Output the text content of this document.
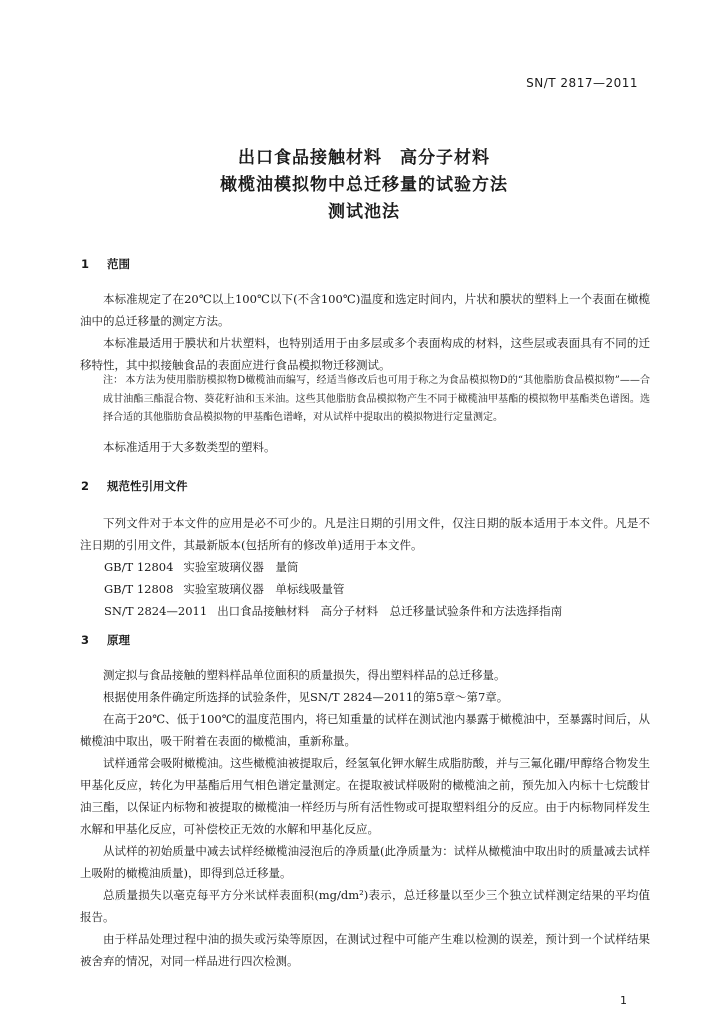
SN/T 2817—2011
出口食品接触材料　高分子材料
橄榄油模拟物中总迁移量的试验方法
测试池法
1 范围
本标准规定了在20℃以上100℃以下(不含100℃)温度和选定时间内，片状和膜状的塑料上一个表面在橄榄油中的总迁移量的测定方法。
本标准最适用于膜状和片状塑料，也特别适用于由多层或多个表面构成的材料，这些层或表面具有不同的迁移特性，其中拟接触食品的表面应进行食品模拟物迁移测试。
注： 本方法为使用脂肪模拟物D橄榄油而编写，经适当修改后也可用于称之为食品模拟物D的“其他脂肪食品模拟物”——合成甘油酯三酯混合物、葵花籽油和玉米油。这些其他脂肪食品模拟物产生不同于橄榄油甲基酯的模拟物甲基酯类色谱图。选择合适的其他脂肪食品模拟物的甲基酯色谱峰，对从试样中提取出的模拟物进行定量测定。
本标准适用于大多数类型的塑料。
2 规范性引用文件
下列文件对于本文件的应用是必不可少的。凡是注日期的引用文件，仅注日期的版本适用于本文件。凡是不注日期的引用文件，其最新版本(包括所有的修改单)适用于本文件。
GB/T 12804 实验室玻璃仪器　量筒
GB/T 12808 实验室玻璃仪器　单标线吸量管
SN/T 2824—2011 出口食品接触材料　高分子材料　总迁移量试验条件和方法选择指南
3 原理
测定拟与食品接触的塑料样品单位面积的质量损失，得出塑料样品的总迁移量。
根据使用条件确定所选择的试验条件，见SN/T 2824—2011的第5章～第7章。
在高于20℃、低于100℃的温度范围内，将已知重量的试样在测试池内暴露于橄榄油中，至暴露时间后，从橄榄油中取出，吸干附着在表面的橄榄油，重新称量。
试样通常会吸附橄榄油。这些橄榄油被提取后，经氢氧化钾水解生成脂肪酸，并与三氟化硼/甲醇络合物发生甲基化反应，转化为甲基酯后用气相色谱定量测定。在提取被试样吸附的橄榄油之前，预先加入内标十七烷酸甘油三酯，以保证内标物和被提取的橄榄油一样经历与所有活性物或可提取塑料组分的反应。由于内标物同样发生水解和甲基化反应，可补偿校正无效的水解和甲基化反应。
从试样的初始质量中减去试样经橄榄油浸泡后的净质量(此净质量为：试样从橄榄油中取出时的质量减去试样上吸附的橄榄油质量)，即得到总迁移量。
总质量损失以毫克每平方分米试样表面积(mg/dm²)表示，总迁移量以至少三个独立试样测定结果的平均值报告。
由于样品处理过程中油的损失或污染等原因，在测试过程中可能产生难以检测的误差，预计到一个试样结果被舍弃的情况，对同一样品进行四次检测。
1
